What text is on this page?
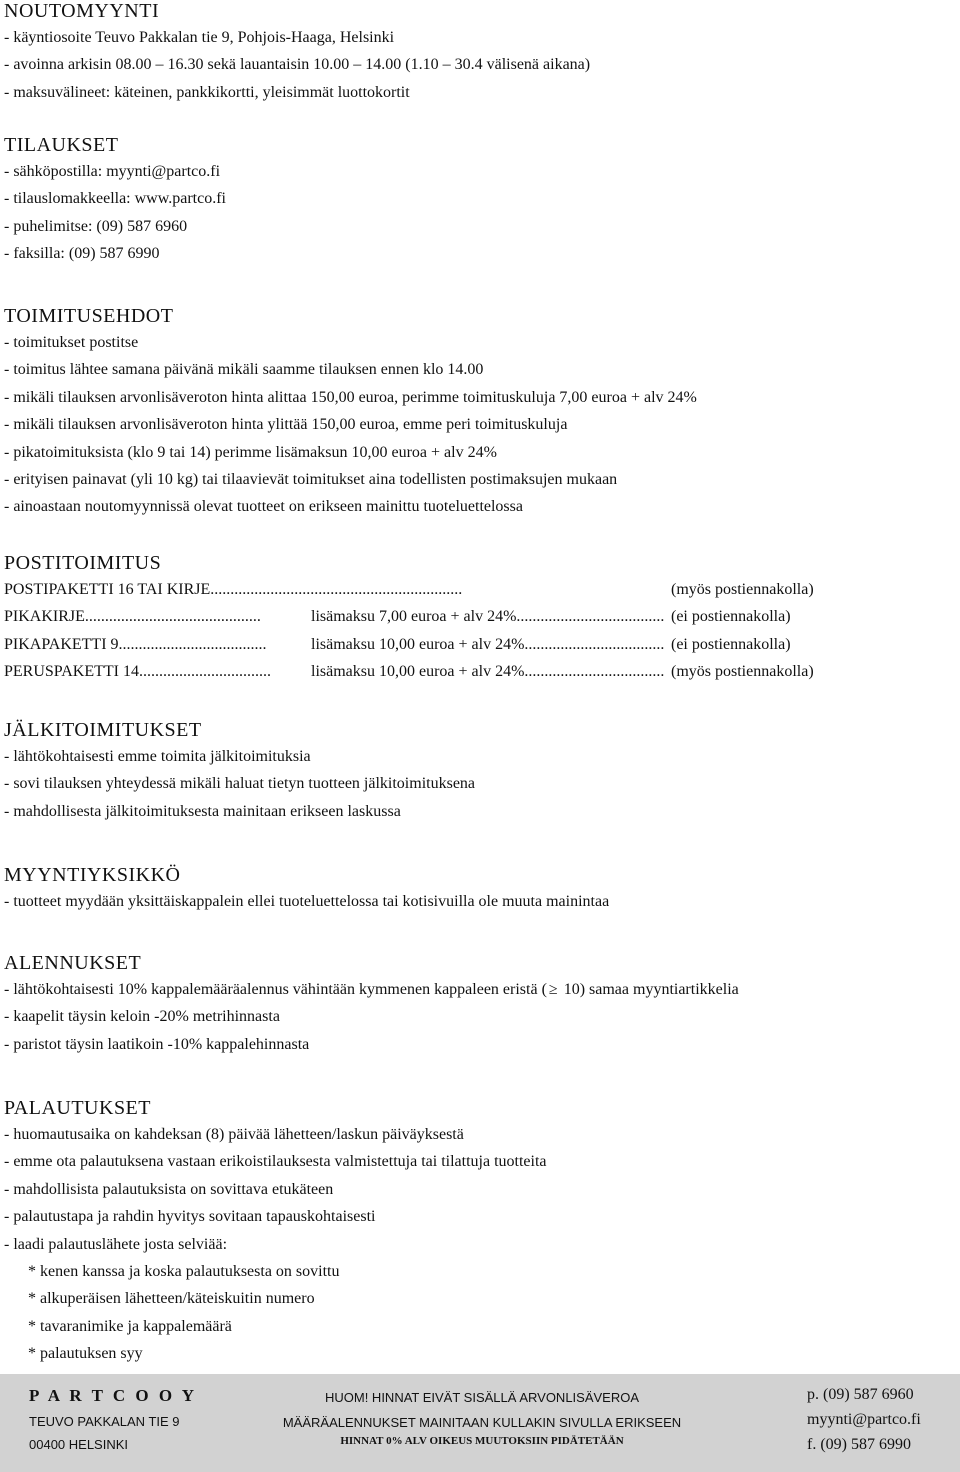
NOUTOMYYNTI
- käyntiosoite Teuvo Pakkalan tie 9, Pohjois-Haaga, Helsinki
- avoinna arkisin 08.00 – 16.30 sekä lauantaisin 10.00 – 14.00 (1.10 – 30.4 välisenä aikana)
- maksuvälineet: käteinen, pankkikortti, yleisimmät luottokortit
TILAUKSET
- sähköpostilla: myynti@partco.fi
- tilauslomakkeella: www.partco.fi
- puhelimitse: (09) 587 6960
- faksilla: (09) 587 6990
TOIMITUSEHDOT
- toimitukset postitse
- toimitus lähtee samana päivänä mikäli saamme tilauksen ennen klo 14.00
- mikäli tilauksen arvonlisäveroton hinta alittaa 150,00 euroa, perimme toimituskuluja 7,00 euroa + alv 24%
- mikäli tilauksen arvonlisäveroton hinta ylittää 150,00 euroa, emme peri toimituskuluja
- pikatoimituksista (klo 9 tai 14) perimme lisämaksun 10,00 euroa + alv 24%
- erityisen painavat (yli 10 kg) tai tilaavievät toimitukset aina todellisten postimaksujen mukaan
- ainoastaan noutomyynnissä olevat tuotteet on erikseen mainittu tuoteluettelossa
POSTITOIMITUS
POSTIPAKETTI 16 TAI KIRJE...............................................................	(myös postiennakolla)
PIKAKIRJE............................................	lisämaksu 7,00 euroa + alv 24%..................................... (ei postiennakolla)
PIKAPAKETTI 9.....................................	lisämaksu 10,00 euroa + alv 24%................................... (ei postiennakolla)
PERUSPAKETTI 14.................................	lisämaksu 10,00 euroa + alv 24%................................... (myös postiennakolla)
JÄLKITOIMITUKSET
- lähtökohtaisesti emme toimita jälkitoimituksia
- sovi tilauksen yhteydessä mikäli haluat tietyn tuotteen jälkitoimituksena
- mahdollisesta jälkitoimituksesta mainitaan erikseen laskussa
MYYNTIYKSIKKÖ
- tuotteet myydään yksittäiskappalein ellei tuoteluettelossa tai kotisivuilla ole muuta mainintaa
ALENNUKSET
- lähtökohtaisesti 10% kappalemääräalennus vähintään kymmenen kappaleen eristä ( ≥ 10) samaa myyntiartikkelia
- kaapelit täysin keloin -20% metrihinnasta
- paristot täysin laatikoin -10% kappalehinnasta
PALAUTUKSET
- huomautusaika on kahdeksan (8) päivää lähetteen/laskun päiväyksestä
- emme ota palautuksena vastaan erikoistilauksesta valmistettuja tai tilattuja tuotteita
- mahdollisista palautuksista on sovittava etukäteen
- palautustapa ja rahdin hyvitys sovitaan tapauskohtaisesti
- laadi palautuslähete josta selviää:
* kenen kanssa ja koska palautuksesta on sovittu
* alkuperäisen lähetteen/käteiskuitin numero
* tavaranimike ja kappalemäärä
* palautuksen syy
P A R T C O O Y
TEUVO PAKKALAN TIE 9
00400 HELSINKI
HUOM! HINNAT EIVÄT SISÄLLÄ ARVONLISÄVEROA
MÄÄRÄALENNUKSET MAINITAAN KULLAKIN SIVULLA ERIKSEEN
HINNAT 0% ALV OIKEUS MUUTOKSIIN PIDÄTETÄÄN
p. (09) 587 6960
myynti@partco.fi
f. (09) 587 6990
